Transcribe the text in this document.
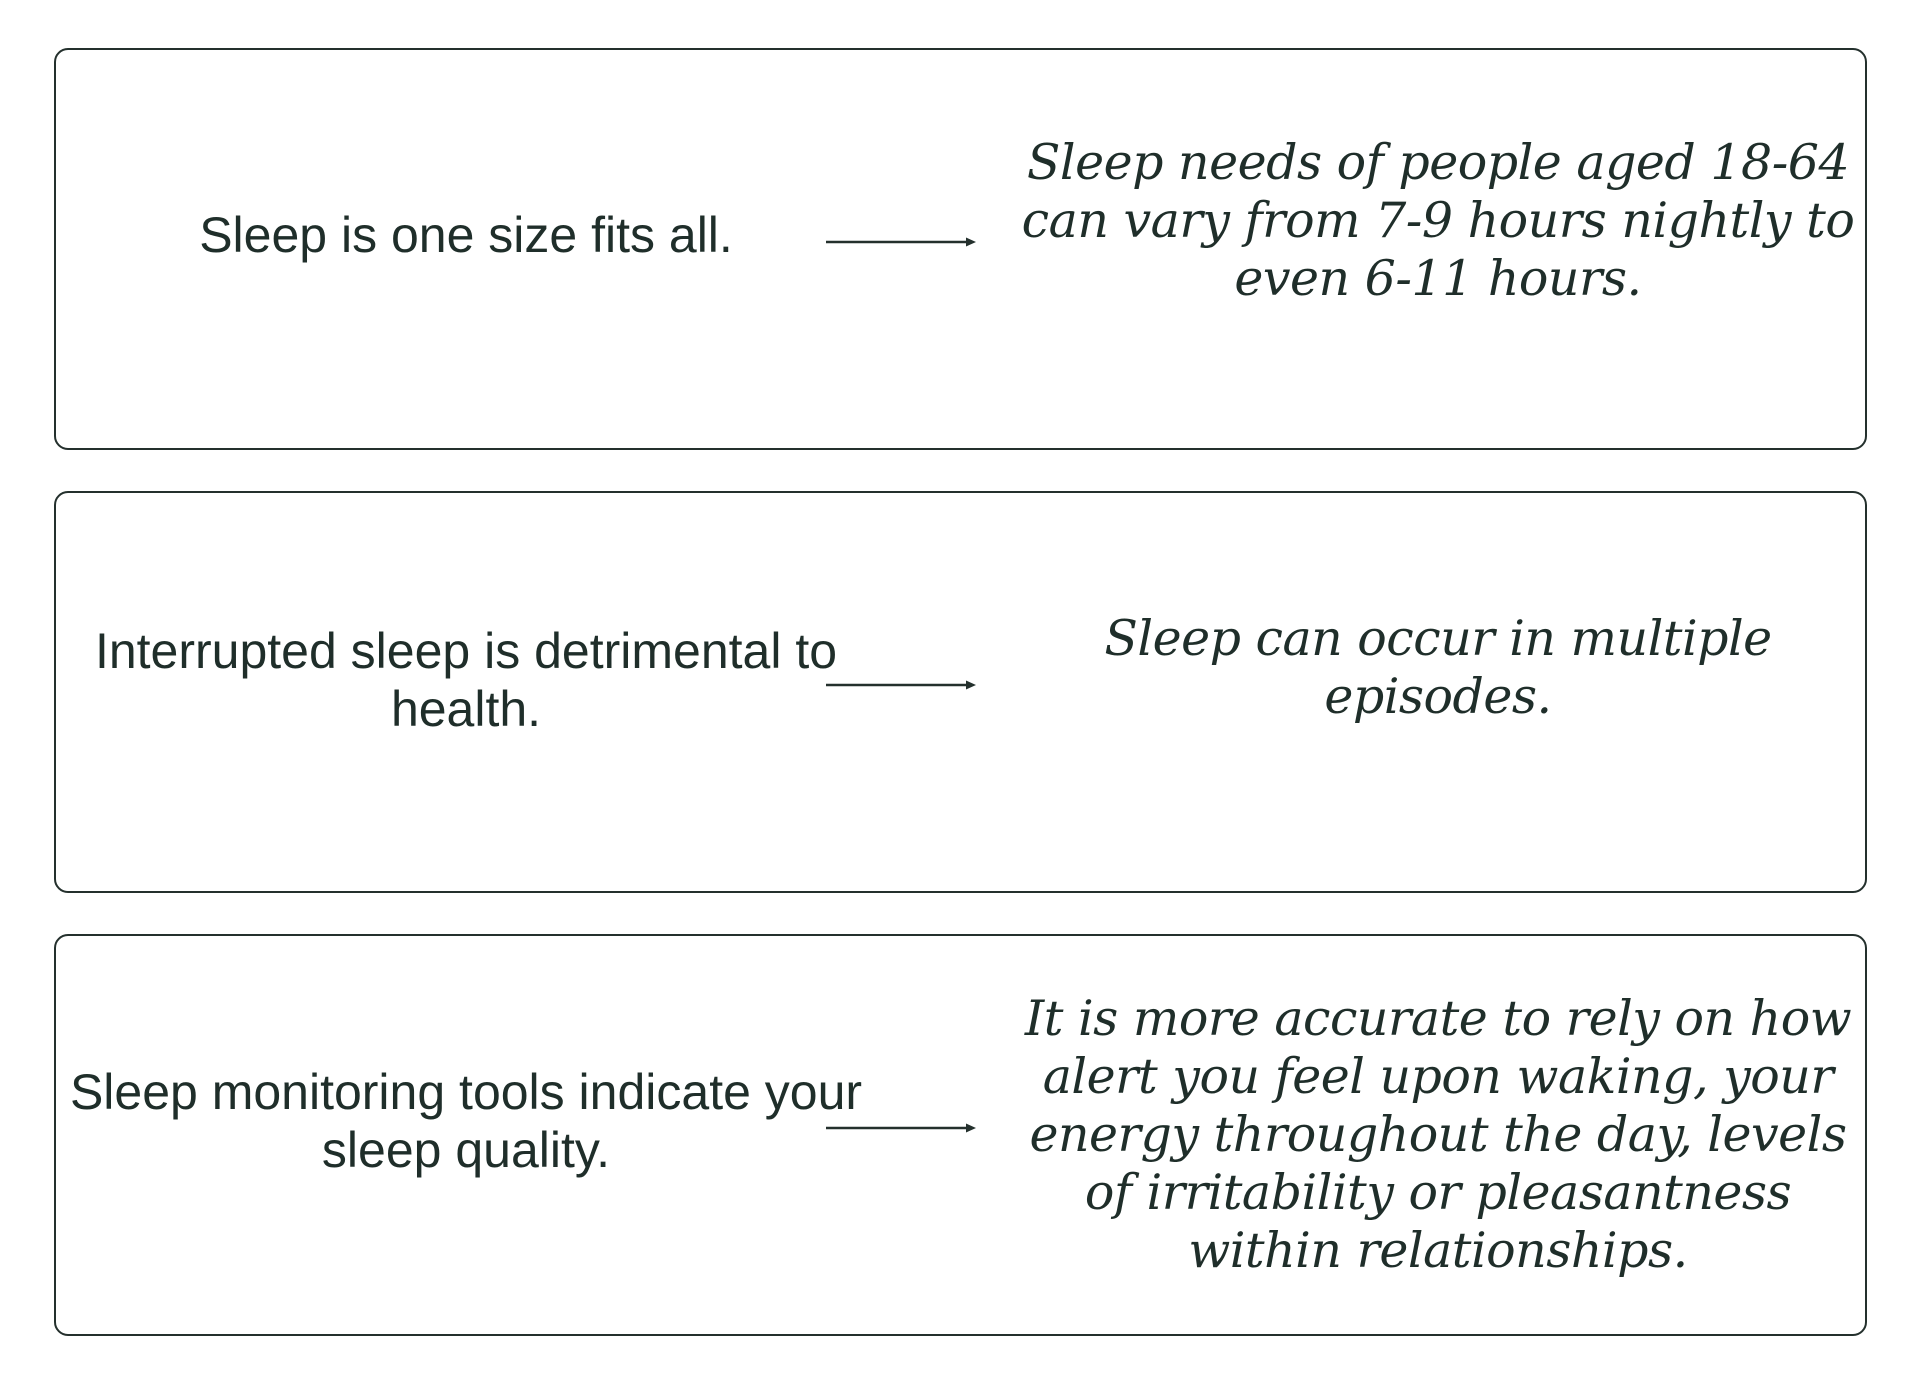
Sleep is one size fits all.
Sleep needs of people aged 18-64 can vary from 7-9 hours nightly to even 6-11 hours.
Interrupted sleep is detrimental to health.
Sleep can occur in multiple episodes.
Sleep monitoring tools indicate your sleep quality.
It is more accurate to rely on how alert you feel upon waking, your energy throughout the day, levels of irritability or pleasantness within relationships.
